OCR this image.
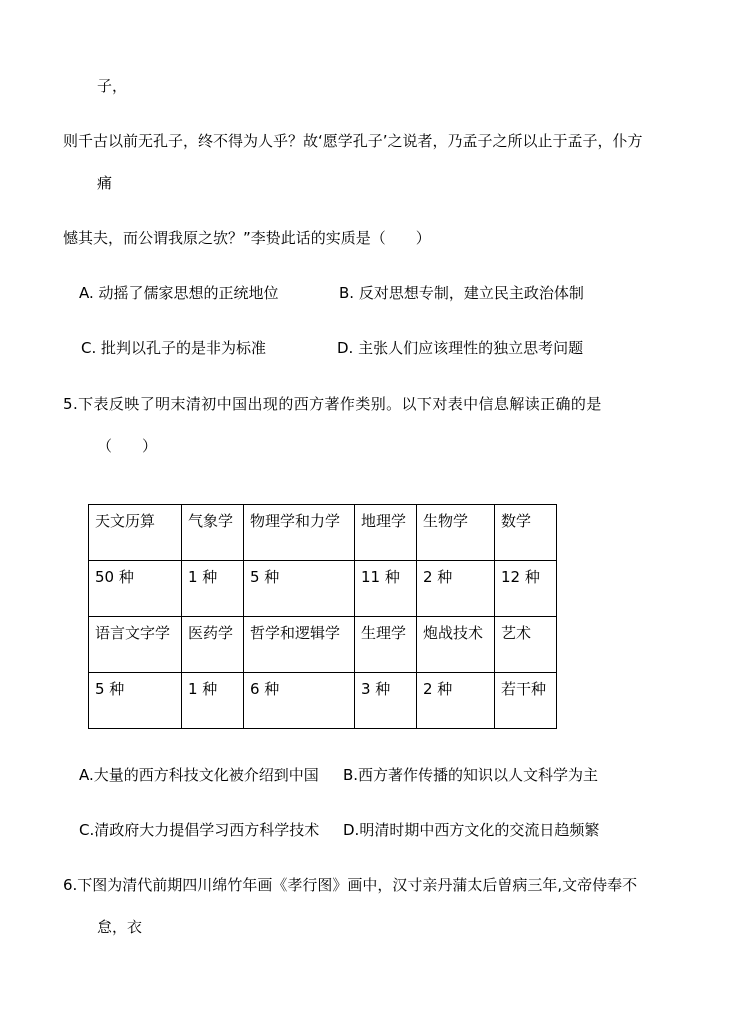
子，
则千古以前无孔子，终不得为人乎？故‘愿学孔子’之说者，乃孟子之所以止于孟子，仆方
痛
憾其夫，而公谓我原之欤？”李贽此话的实质是（　　）
A. 动摇了儒家思想的正统地位	B. 反对思想专制，建立民主政治体制
C. 批判以孔子的是非为标准	D. 主张人们应该理性的独立思考问题
5.下表反映了明末清初中国出现的西方著作类别。以下对表中信息解读正确的是
（　　）
天文历算	气象学	物理学和力学	地理学	生物学	数学
50 种	1 种	5 种	11 种	2 种	12 种
语言文字学	医药学	哲学和逻辑学	生理学	炮战技术	艺术
5 种	1 种	6 种	3 种	2 种	若干种
A.大量的西方科技文化被介绍到中国 B.西方著作传播的知识以人文科学为主
C.清政府大力提倡学习西方科学技术 D.明清时期中西方文化的交流日趋频繁
6.下图为清代前期四川绵竹年画《孝行图》画中，汉寸亲丹蒲太后曽病三年,文帝侍奉不
怠，衣
